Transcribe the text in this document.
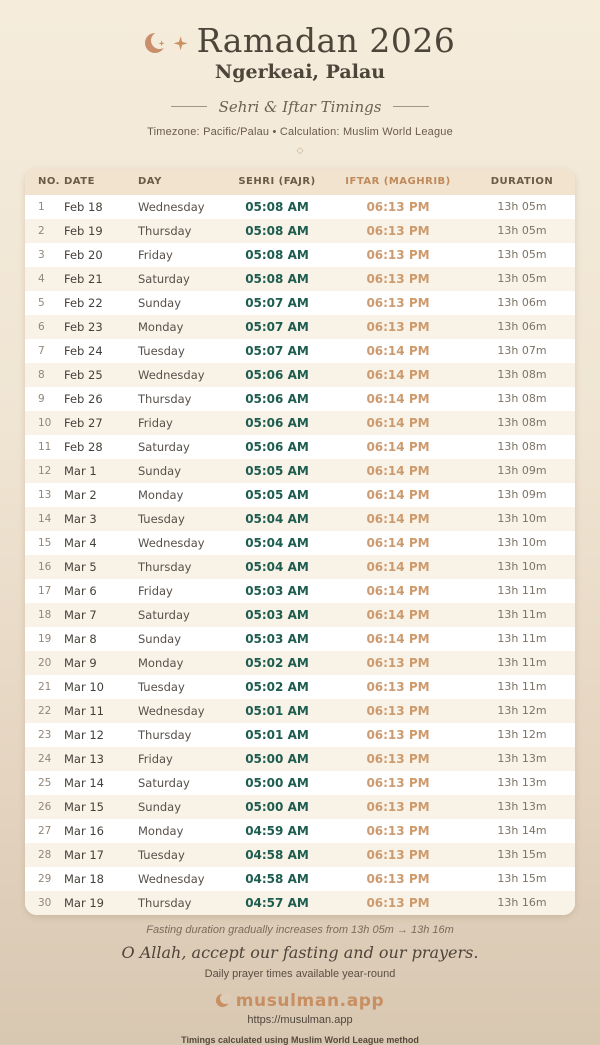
Ramadan 2026
Ngerkeai, Palau
Sehri & Iftar Timings
Timezone: Pacific/Palau • Calculation: Muslim World League
◇
NO.	DATE	DAY	SEHRI (FAJR)	IFTAR (MAGHRIB)	DURATION
1	Feb 18	Wednesday	05:08 AM	06:13 PM	13h 05m
2	Feb 19	Thursday	05:08 AM	06:13 PM	13h 05m
3	Feb 20	Friday	05:08 AM	06:13 PM	13h 05m
4	Feb 21	Saturday	05:08 AM	06:13 PM	13h 05m
5	Feb 22	Sunday	05:07 AM	06:13 PM	13h 06m
6	Feb 23	Monday	05:07 AM	06:13 PM	13h 06m
7	Feb 24	Tuesday	05:07 AM	06:14 PM	13h 07m
8	Feb 25	Wednesday	05:06 AM	06:14 PM	13h 08m
9	Feb 26	Thursday	05:06 AM	06:14 PM	13h 08m
10	Feb 27	Friday	05:06 AM	06:14 PM	13h 08m
11	Feb 28	Saturday	05:06 AM	06:14 PM	13h 08m
12	Mar 1	Sunday	05:05 AM	06:14 PM	13h 09m
13	Mar 2	Monday	05:05 AM	06:14 PM	13h 09m
14	Mar 3	Tuesday	05:04 AM	06:14 PM	13h 10m
15	Mar 4	Wednesday	05:04 AM	06:14 PM	13h 10m
16	Mar 5	Thursday	05:04 AM	06:14 PM	13h 10m
17	Mar 6	Friday	05:03 AM	06:14 PM	13h 11m
18	Mar 7	Saturday	05:03 AM	06:14 PM	13h 11m
19	Mar 8	Sunday	05:03 AM	06:14 PM	13h 11m
20	Mar 9	Monday	05:02 AM	06:13 PM	13h 11m
21	Mar 10	Tuesday	05:02 AM	06:13 PM	13h 11m
22	Mar 11	Wednesday	05:01 AM	06:13 PM	13h 12m
23	Mar 12	Thursday	05:01 AM	06:13 PM	13h 12m
24	Mar 13	Friday	05:00 AM	06:13 PM	13h 13m
25	Mar 14	Saturday	05:00 AM	06:13 PM	13h 13m
26	Mar 15	Sunday	05:00 AM	06:13 PM	13h 13m
27	Mar 16	Monday	04:59 AM	06:13 PM	13h 14m
28	Mar 17	Tuesday	04:58 AM	06:13 PM	13h 15m
29	Mar 18	Wednesday	04:58 AM	06:13 PM	13h 15m
30	Mar 19	Thursday	04:57 AM	06:13 PM	13h 16m
Fasting duration gradually increases from 13h 05m → 13h 16m
O Allah, accept our fasting and our prayers.
Daily prayer times available year-round
musulman.app
https://musulman.app
Timings calculated using Muslim World League method
